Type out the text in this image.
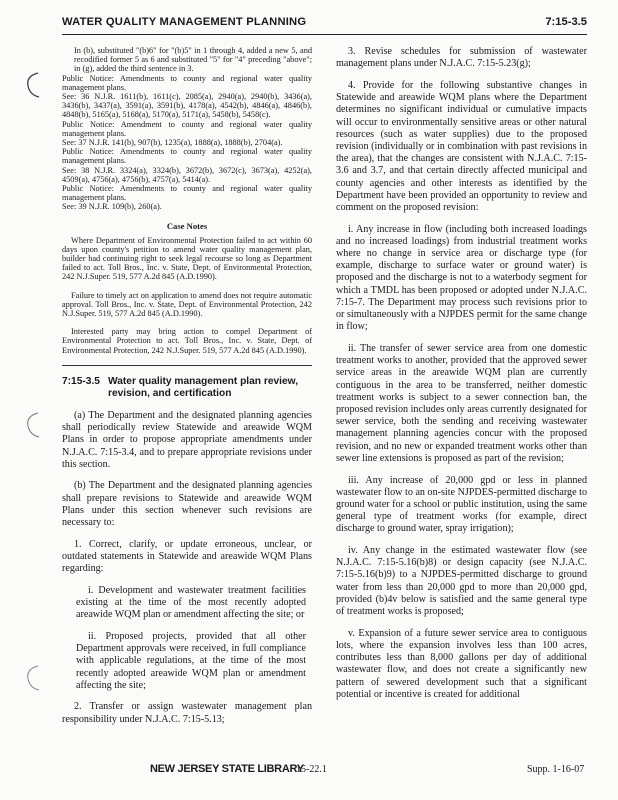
WATER QUALITY MANAGEMENT PLANNING	7:15-3.5
In (b), substituted "(b)6" for "(b)5" in 1 through 4, added a new 5, and recodified former 5 as 6 and substituted "5" for "4" preceding "above"; in (g), added the third sentence in 3.
Public Notice: Amendments to county and regional water quality management plans.
See: 36 N.J.R. 1611(b), 1611(c), 2085(a), 2940(a), 2940(b), 3436(a), 3436(b), 3437(a), 3591(a), 3591(b), 4178(a), 4542(b), 4846(a), 4846(b), 4848(b), 5165(a), 5168(a), 5170(a), 5171(a), 5458(b), 5458(c).
Public Notice: Amendment to county and regional water quality management plans.
See: 37 N.J.R. 141(b), 907(b), 1235(a), 1888(a), 1888(b), 2704(a).
Public Notice: Amendments to county and regional water quality management plans.
See: 38 N.J.R. 3324(a), 3324(b), 3672(b), 3672(c), 3673(a), 4252(a), 4509(a), 4756(a), 4756(b), 4757(a), 5414(a).
Public Notice: Amendments to county and regional water quality management plans.
See: 39 N.J.R. 109(b), 260(a).
Case Notes
Where Department of Environmental Protection failed to act within 60 days upon county's petition to amend water quality management plan, builder had continuing right to seek legal recourse so long as Department failed to act. Toll Bros., Inc. v. State, Dept. of Environmental Protection, 242 N.J.Super. 519, 577 A.2d 845 (A.D.1990).
Failure to timely act on application to amend does not require automatic approval. Toll Bros., Inc. v. State, Dept. of Environmental Protection, 242 N.J.Super. 519, 577 A.2d 845 (A.D.1990).
Interested party may bring action to compel Department of Environmental Protection to act. Toll Bros., Inc. v. State, Dept. of Environmental Protection, 242 N.J.Super. 519, 577 A.2d 845 (A.D.1990).
7:15-3.5 Water quality management plan review,
revision, and certification

(a) The Department and the designated planning agencies shall periodically review Statewide and areawide WQM Plans in order to propose appropriate amendments under N.J.A.C. 7:15-3.4, and to prepare appropriate revisions under this section.

(b) The Department and the designated planning agencies shall prepare revisions to Statewide and areawide WQM Plans under this section whenever such revisions are necessary to:

1. Correct, clarify, or update erroneous, unclear, or outdated statements in Statewide and areawide WQM Plans regarding:

i. Development and wastewater treatment facilities existing at the time of the most recently adopted areawide WQM plan or amendment affecting the site; or

ii. Proposed projects, provided that all other Department approvals were received, in full compliance with applicable regulations, at the time of the most recently adopted areawide WQM plan or amendment affecting the site;

2. Transfer or assign wastewater management plan responsibility under N.J.A.C. 7:15-5.13;

3. Revise schedules for submission of wastewater management plans under N.J.A.C. 7:15-5.23(g);

4. Provide for the following substantive changes in Statewide and areawide WQM plans where the Department determines no significant individual or cumulative impacts will occur to environmentally sensitive areas or other natural resources (such as water supplies) due to the proposed revision (individually or in combination with past revisions in the area), that the changes are consistent with N.J.A.C. 7:15-3.6 and 3.7, and that certain directly affected municipal and county agencies and other interests as identified by the Department have been provided an opportunity to review and comment on the proposed revision:

i. Any increase in flow (including both increased loadings and no increased loadings) from industrial treatment works where no change in service area or discharge type (for example, discharge to surface water or ground water) is proposed and the discharge is not to a waterbody segment for which a TMDL has been proposed or adopted under N.J.A.C. 7:15-7. The Department may process such revisions prior to or simultaneously with a NJPDES permit for the same change in flow;

ii. The transfer of sewer service area from one domestic treatment works to another, provided that the approved sewer service areas in the areawide WQM plan are currently contiguous in the area to be transferred, neither domestic treatment works is subject to a sewer connection ban, the proposed revision includes only areas currently designated for sewer service, both the sending and receiving wastewater management planning agencies concur with the proposed revision, and no new or expanded treatment works other than sewer line extensions is proposed as part of the revision;

iii. Any increase of 20,000 gpd or less in planned wastewater flow to an on-site NJPDES-permitted discharge to ground water for a school or public institution, using the same general type of treatment works (for example, direct discharge to ground water, spray irrigation);

iv. Any change in the estimated wastewater flow (see N.J.A.C. 7:15-5.16(b)8) or design capacity (see N.J.A.C. 7:15-5.16(b)9) to a NJPDES-permitted discharge to ground water from less than 20,000 gpd to more than 20,000 gpd, provided (b)4v below is satisfied and the same general type of treatment works is proposed;

v. Expansion of a future sewer service area to contiguous lots, where the expansion involves less than 100 acres, contributes less than 8,000 gallons per day of additional wastewater flow, and does not create a significantly new pattern of sewered development such that a significant potential or incentive is created for additional

NEW JERSEY STATE LIBRARY
15-22.1	Supp. 1-16-07
